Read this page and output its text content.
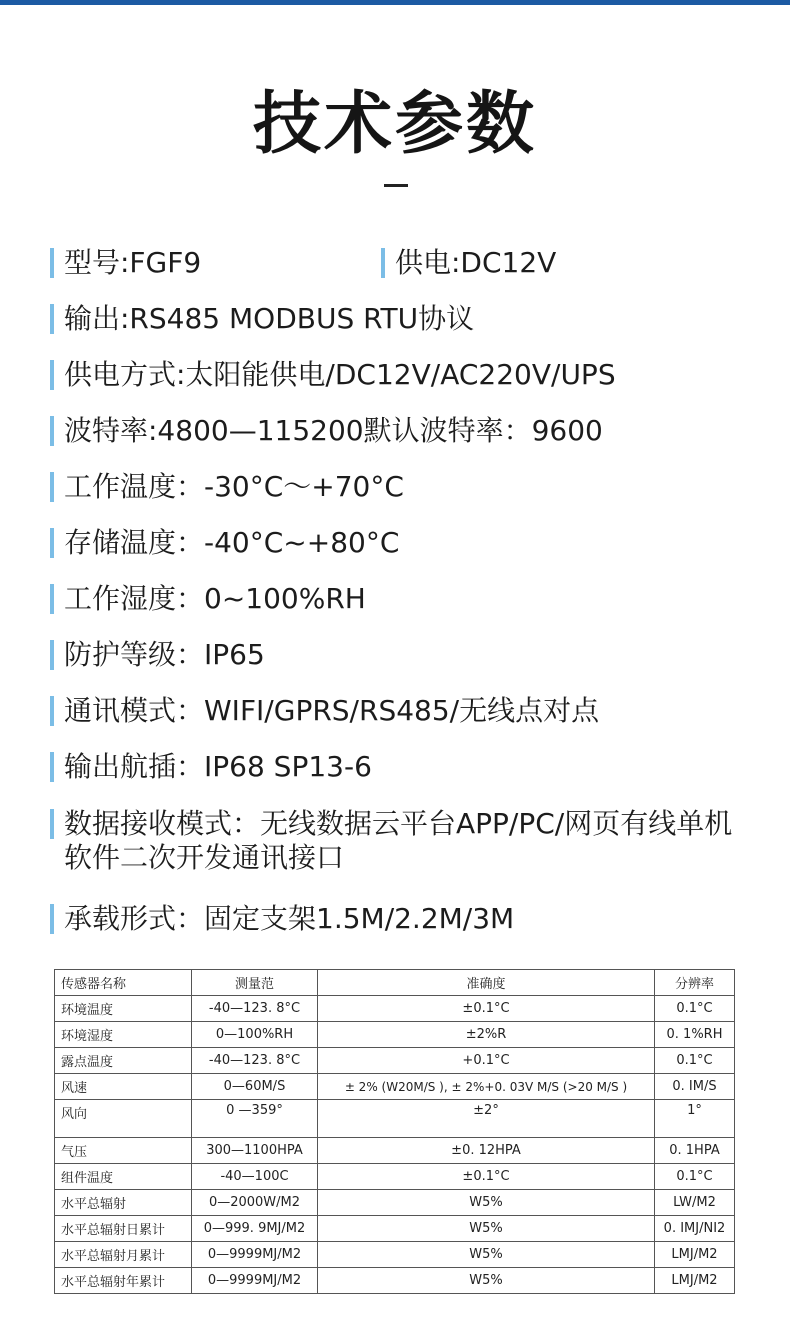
技术参数
型号:FGF9	供电:DC12V
输出:RS485 MODBUS RTU协议
供电方式:太阳能供电/DC12V/AC220V/UPS
波特率:4800—115200默认波特率：9600
工作温度：-30°C～+70°C
存储温度：-40°C~+80°C
工作湿度：0~100%RH
防护等级：IP65
通讯模式：WIFI/GPRS/RS485/无线点对点
输出航插：IP68 SP13-6
数据接收模式：无线数据云平台APP/PC/网页有线单机软件二次开发通讯接口
承载形式：固定支架1.5M/2.2M/3M
传感器名称	测量范	准确度	分辨率
环境温度	-40—123. 8°C	±0.1°C	0.1°C
环境湿度	0—100%RH	±2%R	0. 1%RH
露点温度	-40—123. 8°C	+0.1°C	0.1°C
风速	0—60M/S	± 2% (W20M/S ), ± 2%+0. 03V M/S (>20 M/S )	0. IM/S
风向	0 —359°	±2°	1°
气压	300—1100HPA	±0. 12HPA	0. 1HPA
组件温度	-40—100C	±0.1°C	0.1°C
水平总辐射	0—2000W/M2	W5%	LW/M2
水平总辐射日累计	0—999. 9MJ/M2	W5%	0. IMJ/NI2
水平总辐射月累计	0—9999MJ/M2	W5%	LMJ/M2
水平总辐射年累计	0—9999MJ/M2	W5%	LMJ/M2
